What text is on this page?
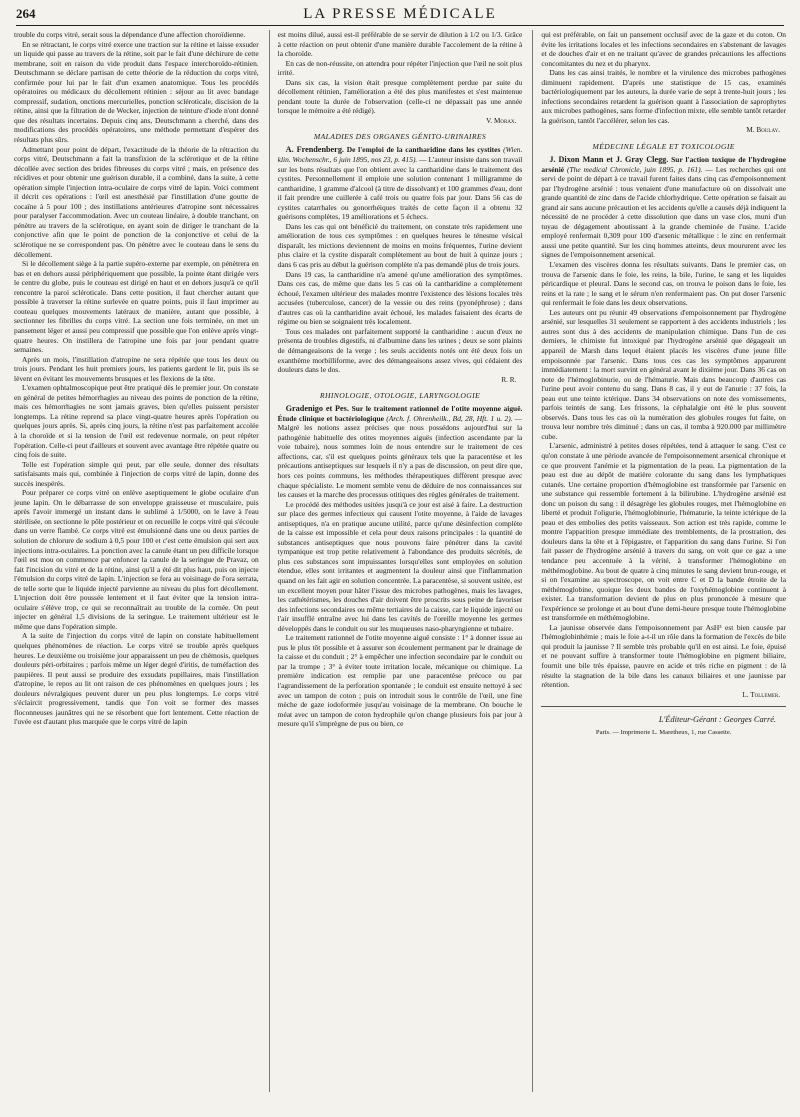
264	LA PRESSE MÉDICALE

trouble du corps vitré, serait sous la dépendance d'une affection choroïdienne.

En se rétractant, le corps vitré exerce une traction sur la rétine et laisse exsuder un liquide qui passe au travers de la rétine, soit par le fait d'une déchirure de cette membrane, soit en raison du vide produit dans l'espace interchoroïdo-rétinien. Deutschmann se déclare partisan de cette théorie de la réduction du corps vitré, confirmée pour lui par le fait d'un examen anatomique. Tous les procédés opératoires ou médicaux du décollement rétinien : séjour au lit avec bandage compressif, sudation, onctions mercurielles, ponction scléroticale, discision de la rétine, ainsi que la filtration de de Wecker, injection de teinture d'iode n'ont donné que des résultats incertains. Depuis cinq ans, Deutschmann a cherché, dans des modifications des procédés opératoires, une méthode permettant d'espérer des résultats plus sûrs.

Admettant pour point de départ, l'exactitude de la théorie de la rétraction du corps vitré, Deutschmann a fait la transfixion de la sclérotique et de la rétine décollée avec section des brides fibreuses du corps vitré ; mais, en présence des récidives et pour obtenir une guérison durable, il a combiné, dans la suite, à cette opération simple l'injection intra-oculaire de corps vitré de lapin. Voici comment il décrit ces opérations : l'œil est anesthésié par l'instillation d'une goutte de cocaïne à 5 pour 100 ; des instillations antérieures d'atropine sont nécessaires pour paralyser l'accommodation. Avec un couteau linéaire, à double tranchant, on pénètre au travers de la sclérotique, en ayant soin de diriger le tranchant de la conjonctive afin que le point de ponction de la conjonctive et celui de la sclérotique ne se correspondent pas. On pénètre avec le couteau dans le sens du décollement.

Si le décollement siège à la partie supéro-externe par exemple, on pénètrera en bas et en dehors aussi périphériquement que possible, la pointe étant dirigée vers le centre du globe, puis le couteau est dirigé en haut et en dehors jusqu'à ce qu'il rencontre la paroi scléroticale. Dans cette position, il faut chercher autant que possible à traverser la rétine surlevée en quatre points, puis il faut imprimer au couteau quelques mouvements latéraux de manière, autant que possible, à sectionner les fibrilles du corps vitré. La section une fois terminée, on met un pansement léger et aussi peu compressif que possible que l'on enlève après vingt-quatre heures. On instillera de l'atropine une fois par jour pendant quatre semaines.

Après un mois, l'instillation d'atropine ne sera répétée que tous les deux ou trois jours. Pendant les huit premiers jours, les patients gardent le lit, puis ils se lèvent en évitant les mouvements brusques et les flexions de la tête.

L'examen ophtalmoscopique peut être pratiqué dès le premier jour. On constate en général de petites hémorrhagies au niveau des points de ponction de la rétine, mais ces hémorrhagies ne sont jamais graves, bien qu'elles puissent persister longtemps. La rétine reprend sa place vingt-quatre heures après l'opération ou quelques jours après. Si, après cinq jours, la rétine n'est pas parfaitement accolée à la choroïde et si la tension de l'œil est redevenue normale, on peut répéter l'opération. Celle-ci peut d'ailleurs et souvent avec avantage être répétée quatre ou cinq fois de suite.

Telle est l'opération simple qui peut, par elle seule, donner des résultats satisfaisants mais qui, combinée à l'injection de corps vitré de lapin, donne des succès inespérés.

Pour préparer ce corps vitré on enlève aseptiquement le globe oculaire d'un jeune lapin. On le débarrasse de son enveloppe graisseuse et musculaire, puis après l'avoir immergé un instant dans le sublimé à 1/5000, on le lave à l'eau stérilisée, on sectionne le pôle postérieur et on recueille le corps vitré qui s'écoule dans un verre flambé. Ce corps vitré est émulsionné dans une ou deux parties de solution de chlorure de sodium à 0,5 pour 100 et c'est cette émulsion qui sert aux injections intra-oculaires. La ponction avec la canule étant un peu difficile lorsque l'œil est mou on commence par enfoncer la canule de la seringue de Pravaz, on fait l'incision du vitré et de la rétine, ainsi qu'il a été dit plus haut, puis on injecte l'émulsion du corps vitré de lapin. L'injection se fera au voisinage de l'ora serrata, de telle sorte que le liquide injecté parvienne au niveau du plus fort décollement. L'injection doit être poussée lentement et il faut éviter que la tension intra-oculaire s'élève trop, ce qui se reconnaîtrait au trouble de la cornée. On peut injecter en général 1,5 divisions de la seringue. Le traitement ultérieur est le même que dans l'opération simple.

A la suite de l'injection du corps vitré de lapin on constate habituellement quelques phénomènes de réaction. Le corps vitré se trouble après quelques heures. Le deuxième ou troisième jour apparaissent un peu de chémosis, quelques douleurs péri-orbitaires ; parfois même un léger degré d'iritis, de tuméfaction des paupières. Il peut aussi se produire des exsudats pupillaires, mais l'instillation d'atropine, le repos au lit ont raison de ces phénomènes en quelques jours ; les douleurs névralgiques peuvent durer un peu plus longtemps. Le corps vitré s'éclaircit progressivement, tandis que l'on voit se former des masses floconneuses jaunâtres qui ne se résorbent que fort lentement. Cette réaction de l'uvée est d'autant plus marquée que le corps vitré de lapin

est moins dilué, aussi est-il préférable de se servir de dilution à 1/2 ou 1/3. Grâce à cette réaction on peut obtenir d'une manière durable l'accolement de la rétine à la choroïde.

En cas de non-réussite, on attendra pour répéter l'injection que l'œil ne soit plus irrité.

Dans six cas, la vision était presque complètement perdue par suite du décollement rétinien, l'amélioration a été des plus manifestes et s'est maintenue pendant toute la durée de l'observation (celle-ci ne dépassait pas une année lorsque le mémoire a été rédigé).

V. Morax.

MALADIES DES ORGANES GÉNITO-URINAIRES

A. Frendenberg. De l'emploi de la cantharidine dans les cystites (Wien. klin. Wochenschr., 6 juin 1895, nos 23, p. 415). — L'auteur insiste dans son travail sur les bons résultats que l'on obtient avec la cantharidine dans le traitement des cystites. Personnellement il emploie une solution contenant 1 milligramme de cantharidine, 1 gramme d'alcool (à titre de dissolvant) et 100 grammes d'eau, dont il fait prendre une cuillerée à café trois ou quatre fois par jour. Dans 56 cas de cystites catarrhales ou gonorrhéiques traités de cette façon il a obtenu 32 guérisons complètes, 19 améliorations et 5 échecs.

Dans les cas qui ont bénéficié du traitement, on constate très rapidement une amélioration de tous ces symptômes : en quelques heures le ténesme vésical disparaît, les mictions deviennent de moins en moins fréquentes, l'urine devient plus claire et la cystite disparaît complètement au bout de huit à quinze jours ; dans 6 cas pris au début la guérison complète n'a pas demandé plus de trois jours.

Dans 19 cas, la cantharidine n'a amené qu'une amélioration des symptômes. Dans ces cas, de même que dans les 5 cas où la cantharidine a complètement échoué, l'examen ultérieur des malades montre l'existence des lésions locales très accusées (tuberculose, cancer) de la vessie ou des reins (pyonéphrose) ; dans d'autres cas où la cantharidine avait échoué, les malades faisaient des écarts de régime ou bien se soignaient très localement.

Tous ces malades ont parfaitement supporté la cantharidine : aucun d'eux ne présenta de troubles digestifs, ni d'albumine dans les urines ; deux se sont plaints de démangeaisons de la verge ; les seuls accidents notés ont été deux fois un exanthème morbilliforme, avec des démangeaisons assez vives, qui cédaient des douleurs dans le dos.

R. R.

RHINOLOGIE, OTOLOGIE, LARYNGOLOGIE

Gradenigo et Pes. Sur le traitement rationnel de l'otite moyenne aiguë. Étude clinique et bactériologique (Arch. f. Ohrenheilk., Bd, 28, Hft. 1 u. 2). — Malgré les notions assez précises que nous possédons aujourd'hui sur la pathogénie habituelle des otites moyennes aiguës (infection ascendante par la voie tubaire), nous sommes loin de nous entendre sur le traitement de ces affections, car, s'il est quelques points généraux tels que la paracentèse et les précautions antiseptiques sur lesquels il n'y a pas de discussion, on peut dire que, hors ces points communs, les méthodes thérapeutiques diffèrent presque avec chaque spécialiste. Le moment semble venu de déduire de nos connaissances sur les causes et la marche des processus otitiques des règles générales de traitement.

Le procédé des méthodes usitées jusqu'à ce jour est aisé à faire. La destruction sur place des germes infectieux qui causent l'otite moyenne, à l'aide de lavages antiseptiques, n'a en pratique aucune utilité, parce qu'une désinfection complète de la caisse est impossible et cela pour deux raisons principales : la quantité de substances antiseptiques que nous pouvons faire pénétrer dans la cavité tympanique est trop petite relativement à l'abondance des produits sécrétés, de plus ces substances sont impuissantes lorsqu'elles sont employées en solution étendue, elles sont irritantes et augmentent la douleur ainsi que l'inflammation quand on les fait agir en solution concentrée. La paracentèse, si souvent usitée, est un excellent moyen pour hâter l'issue des microbes pathogènes, mais les lavages, les cathétérismes, les douches d'air doivent être proscrits sous peine de favoriser des infections secondaires ou même tertiaires de la caisse, car le liquide injecté ou l'air insufflé entraîne avec lui dans les cavités de l'oreille moyenne les germes développés dans le conduit ou sur les muqueuses naso-pharyngienne et tubaire.

Le traitement rationnel de l'otite moyenne aiguë consiste : 1° à donner issue au pus le plus tôt possible et à assurer son écoulement permanent par le drainage de la caisse et du conduit ; 2° à empêcher une infection secondaire par le conduit ou par la trompe ; 3° à éviter toute irritation locale, mécanique ou chimique. La première indication est remplie par une paracentèse précoce ou par l'agrandissement de la perforation spontanée ; le conduit est ensuite nettoyé à sec avec un tampon de coton ; puis on introduit sous le contrôle de l'œil, une fine mèche de gaze iodoformée jusqu'au voisinage de la membrane. On bouche le méat avec un tampon de coton hydrophile qu'on change plusieurs fois par jour à mesure qu'il s'imprègne de pus ou bien, ce

qui est préférable, on fait un pansement occlusif avec de la gaze et du coton. On évite les irritations locales et les infections secondaires en s'abstenant de lavages et de douches d'air et en ne traitant qu'avec de grandes précautions les affections concomitantes du nez et du pharynx.

Dans les cas ainsi traités, le nombre et la virulence des microbes pathogènes diminuent rapidement. D'après une statistique de 15 cas, examinés bactériologiquement par les auteurs, la durée varie de sept à trente-huit jours ; les infections secondaires retardent la guérison quant à l'association de saprophytes aux microbes pathogènes, sans forme d'infection mixte, elle semble tantôt retarder la guérison, tantôt l'accélérer, selon les cas.

M. Boulay.

MÉDECINE LÉGALE ET TOXICOLOGIE

J. Dixon Mann et J. Gray Clegg. Sur l'action toxique de l'hydrogène arsénié (The medical Chronicle, juin 1895, p. 161). — Les recherches qui ont servi de point de départ à ce travail furent faites dans cinq cas d'empoisonnement par l'hydrogène arsénié : tous venaient d'une manufacture où on dissolvait une grande quantité de zinc dans de l'acide chlorhydrique. Cette opération se faisait au grand air sans aucune précaution et les accidents qu'elle a causés déjà indiquent la nécessité de ne procéder à cette dissolution que dans un vase clos, muni d'un tuyau de dégagement aboutissant à la grande cheminée de l'usine. L'acide employé renfermait 0,309 pour 100 d'arsenic métallique : le zinc en renfermait aussi une petite quantité. Sur les cinq hommes atteints, deux moururent avec les signes de l'empoisonnement arsenical.

L'examen des viscères donna les résultats suivants. Dans le premier cas, on trouva de l'arsenic dans le foie, les reins, la bile, l'urine, le sang et les liquides péricardique et pleural. Dans le second cas, on trouva le poison dans le foie, les reins et la rate ; le sang et le sérum n'en renfermaient pas. On put doser l'arsenic qui renfermait le foie dans les deux observations.

Les auteurs ont pu réunir 49 observations d'empoisonnement par l'hydrogène arsénié, sur lesquelles 31 seulement se rapportent à des accidents industriels ; les autres sont dus à des accidents de manipulation chimique. Dans l'un de ces derniers, le chimiste fut intoxiqué par l'hydrogène arsénié que dégageait un appareil de Marsh dans lequel étaient placés les viscères d'une jeune fille empoisonnée par l'arsenic. Dans tous ces cas les symptômes apparurent immédiatement : la mort survint en général avant le dixième jour. Dans 36 cas on note de l'hémoglobinurie, ou de l'hématurie. Mais dans beaucoup d'autres cas l'urine peut avoir contenu du sang. Dans 8 cas, il y eut de l'anurie : 37 fois, la peau eut une teinte ictérique. Dans 34 observations on note des vomissements, parfois teintés de sang. Les frissons, la céphalalgie ont été le plus souvent observés. Dans tous les cas où la numération des globules rouges fut faite, on trouva leur nombre très diminué ; dans un cas, il tomba à 920.000 par millimètre cube.

L'arsenic, administré à petites doses répétées, tend à attaquer le sang. C'est ce qu'on constate à une période avancée de l'empoisonnement arsenical chronique et ce que prouvent l'anémie et la pigmentation de la peau. La pigmentation de la peau est due au dépôt de matière colorante du sang dans les lymphatiques cutanés. Une certaine proportion d'hémoglobine est transformée par l'arsenic en une substance qui ressemble fortement à la bilirubine. L'hydrogène arsénié est donc un poison du sang : il désagrège les globules rouges, met l'hémoglobine en liberté et produit l'oligurie, l'hémoglobinurie, l'hématurie, la teinte ictérique de la peau et des embolies des petits vaisseaux. Son action est très rapide, comme le montre l'apparition presque immédiate des tremblements, de la prostration, des douleurs dans la tête et à l'épigastre, et l'apparition du sang dans l'urine. Si l'on fait passer de l'hydrogène arsénié à travers du sang, on voit que ce gaz a une tendance peu accentuée à la vérité, à transformer l'hémoglobine en méthémoglobine. Au bout de quatre à cinq minutes le sang devient brun-rouge, et si on l'examine au spectroscope, on voit entre C et D la bande étroite de la méthémoglobine, quoique les deux bandes de l'oxyhémoglobine continuent à exister. La transformation devient de plus en plus prononcée à mesure que l'expérience se prolonge et au bout d'une demi-heure presque toute l'hémoglobine est transformée en méthémoglobine.

La jaunisse observée dans l'empoisonnement par AsH³ est bien causée par l'hémoglobinhémie ; mais le foie a-t-il un rôle dans la formation de l'excès de bile qui produit la jaunisse ? Il semble très probable qu'il en est ainsi. Le foie, épuisé et ne pouvant suffire à transformer toute l'hémoglobine en pigment biliaire, fournit une bile très épaisse, pauvre en acide et très riche en pigment : de là résulte la stagnation de la bile dans les canaux biliaires et une jaunisse par rétention.

L. Tollemer.

L'Éditeur-Gérant : Georges Carré.

Paris. — Imprimerie L. Maretheux, 1, rue Cassette.
